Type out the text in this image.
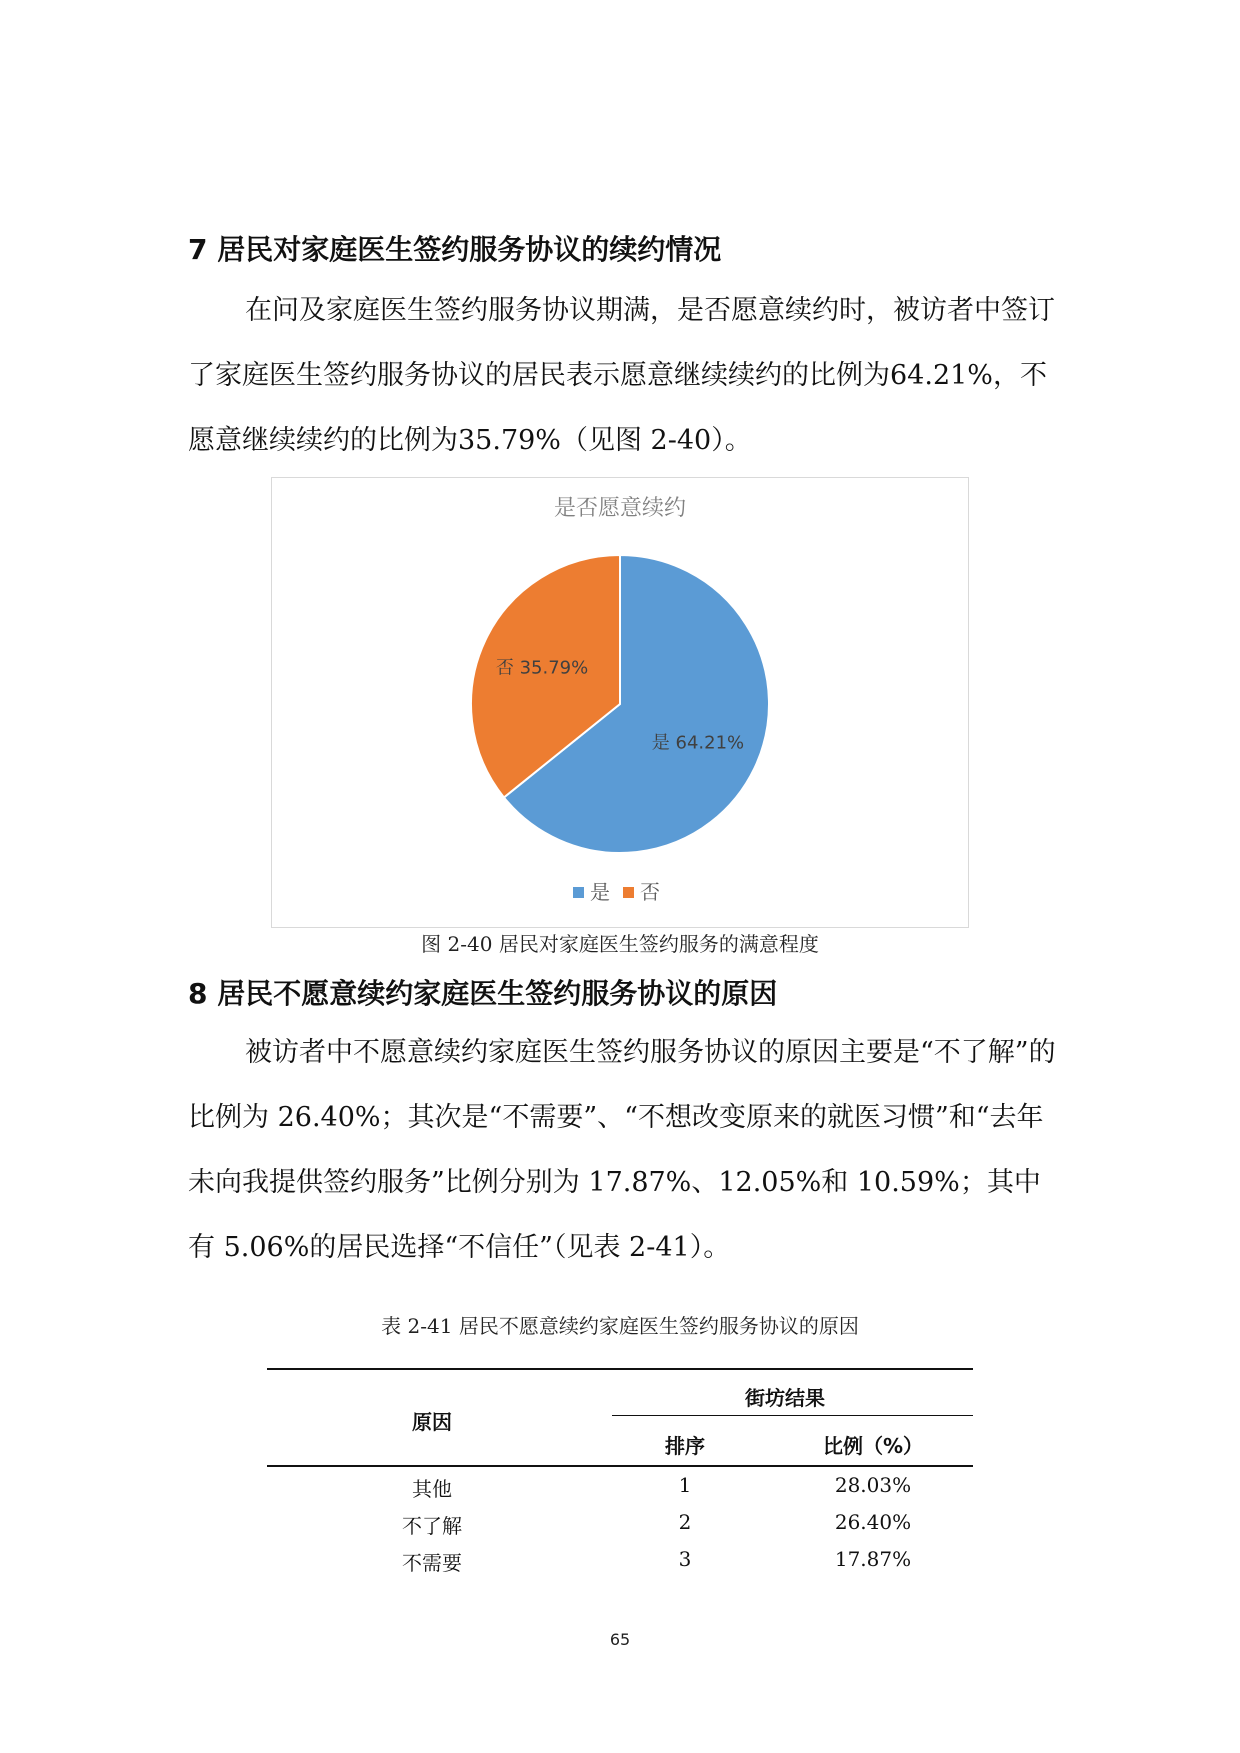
7 居民对家庭医生签约服务协议的续约情况

在问及家庭医生签约服务协议期满，是否愿意续约时，被访者中签订了家庭医生签约服务协议的居民表示愿意继续续约的比例为64.21%，不愿意继续续约的比例为35.79%（见图 2-40）。

是否愿意续约
是 64.21%
否 35.79%
是 否
图 2-40 居民对家庭医生签约服务的满意程度
8 居民不愿意续约家庭医生签约服务协议的原因

被访者中不愿意续约家庭医生签约服务协议的原因主要是“不了解”的比例为 26.40%；其次是“不需要”、“不想改变原来的就医习惯”和“去年未向我提供签约服务”比例分别为 17.87%、12.05%和 10.59%；其中有 5.06%的居民选择“不信任”（见表 2-41）。

表 2-41 居民不愿意续约家庭医生签约服务协议的原因
原因
街坊结果
排序	比例（%）
其他	1	28.03%
不了解	2	26.40%
不需要	3	17.87%
65
